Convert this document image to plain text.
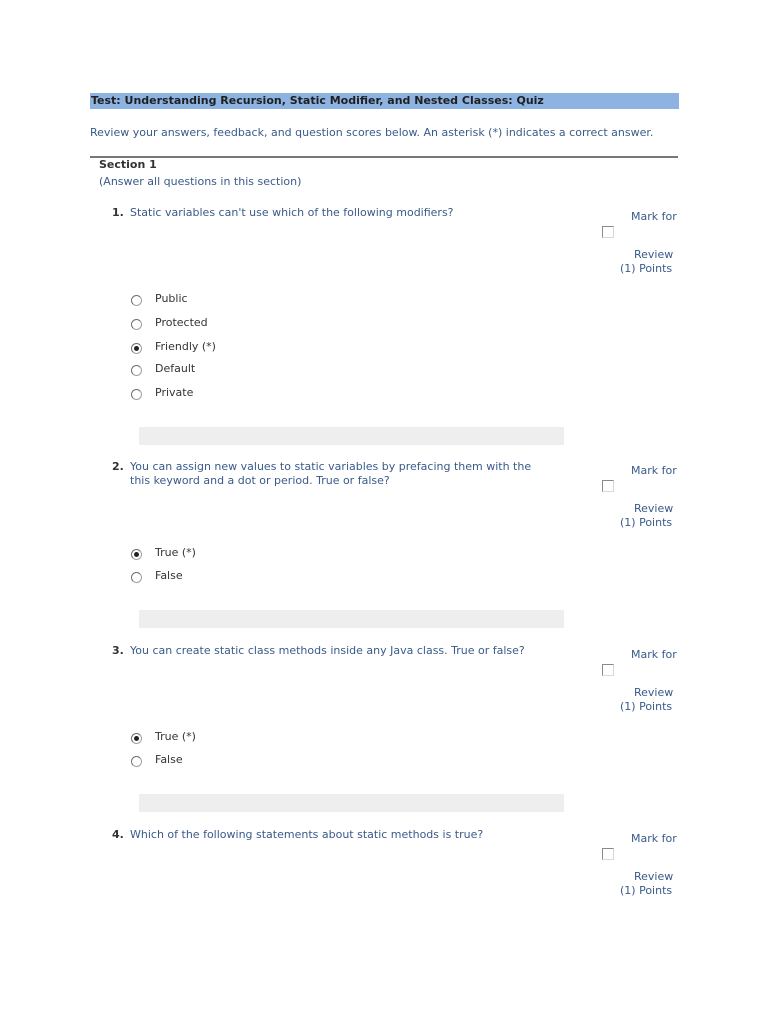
Test: Understanding Recursion, Static Modifier, and Nested Classes: Quiz
Review your answers, feedback, and question scores below. An asterisk (*) indicates a correct answer.
Section 1
(Answer all questions in this section)
1. Static variables can't use which of the following modifiers?	Mark for
Review
(1) Points
Public
Protected
Friendly (*)
Default
Private
2. You can assign new values to static variables by prefacing them with the this keyword and a dot or period. True or false?
Mark for
Review
(1) Points
True (*)
False
3. You can create static class methods inside any Java class. True or false?	Mark for
Review
(1) Points
True (*)
False
4. Which of the following statements about static methods is true?	Mark for
Review
(1) Points
